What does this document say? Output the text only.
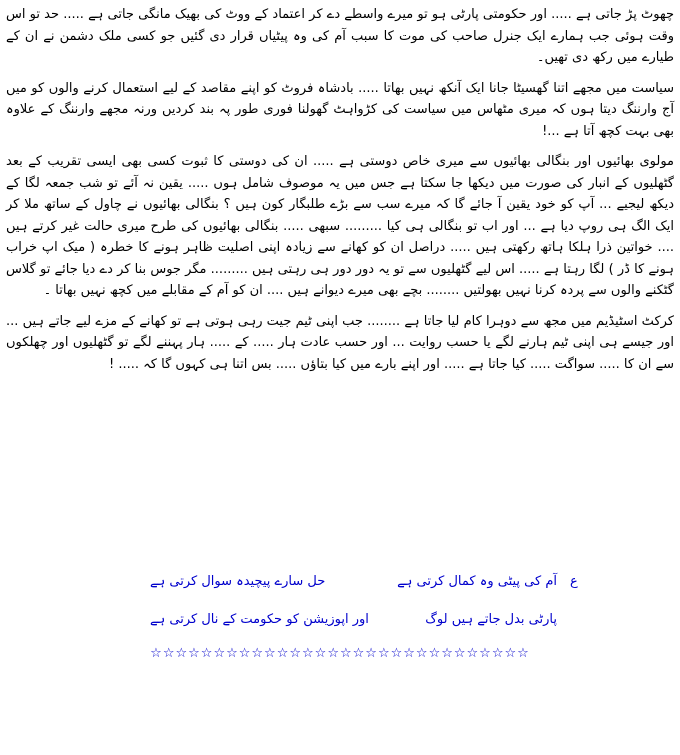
چھوٹ پڑ جاتی ہے ..... اور حکومتی پارٹی ہو تو میرے واسطے دے کر اعتماد کے ووٹ کی بھیک مانگی جاتی ہے ..... حد تو اس وقت ہوئی جب ہمارے ایک جنرل صاحب کی موت کا سبب آم کی وہ پیٹیاں قرار دی گئیں جو کسی ملک دشمن نے ان کے طیارے میں رکھ دی تھیں۔

سیاست میں مجھے اتنا گھسیٹا جانا ایک آنکھ نہیں بھاتا ..... بادشاہ فروٹ کو اپنے مقاصد کے لیے استعمال کرنے والوں کو میں آج وارننگ دیتا ہوں کہ میری مٹھاس میں سیاست کی کڑواہٹ گھولنا فوری طور پہ بند کردیں ورنہ مجھے وارننگ کے علاوہ بھی بہت کچھ آتا ہے ...!

مولوی بھائیوں اور بنگالی بھائیوں سے میری خاص دوستی ہے ..... ان کی دوستی کا ثبوت کسی بھی ایسی تقریب کے بعد گٹھلیوں کے انبار کی صورت میں دیکھا جا سکتا ہے جس میں یہ موصوف شامل ہوں ..... یقین نہ آئے تو شب جمعہ لگا کے دیکھ لیجیے ... آپ کو خود یقین آ جائے گا کہ میرے سب سے بڑے طلبگار کون ہیں ؟ بنگالی بھائیوں نے چاول کے ساتھ ملا کر ایک الگ ہی روپ دیا ہے ... اور اب تو بنگالی ہی کیا ......... سبھی ..... بنگالی بھائیوں کی طرح میری حالت غیر کرتے ہیں .... خواتین ذرا ہلکا ہاتھ رکھتی ہیں ..... دراصل ان کو کھانے سے زیادہ اپنی اصلیت ظاہر ہونے کا خطرہ ( میک اپ خراب ہونے کا ڈر ) لگا رہتا ہے ..... اس لیے گٹھلیوں سے تو یہ دور دور ہی رہتی ہیں ......... مگر جوس بنا کر دے دیا جائے تو گلاس گٹکنے والوں سے پردہ کرنا نہیں بھولتیں ........ بچے بھی میرے دیوانے ہیں .... ان کو آم کے مقابلے میں کچھ نہیں بھاتا ۔

کرکٹ اسٹیڈیم میں مجھ سے دوہرا کام لیا جاتا ہے ........ جب اپنی ٹیم جیت رہی ہوتی ہے تو کھانے کے مزے لیے جاتے ہیں ... اور جیسے ہی اپنی ٹیم ہارنے لگے یا حسب روایت ... اور حسب عادت ہار ..... کے ..... ہار پہننے لگے تو گٹھلیوں اور چھلکوں سے ان کا ..... سواگت ..... کیا جاتا ہے ..... اور اپنے بارے میں کیا بتاؤں ..... بس اتنا ہی کہوں گا کہ ..... !

ع
آم کی پیٹی وہ کمال کرتی ہے
حل سارے پیچیدہ سوال کرتی ہے
پارٹی بدل جاتے ہیں لوگ
اور اپوزیشن کو حکومت کے نال کرتی ہے
☆☆☆☆☆☆☆☆☆☆☆☆☆☆☆☆☆☆☆☆☆☆☆☆☆☆☆☆☆☆
